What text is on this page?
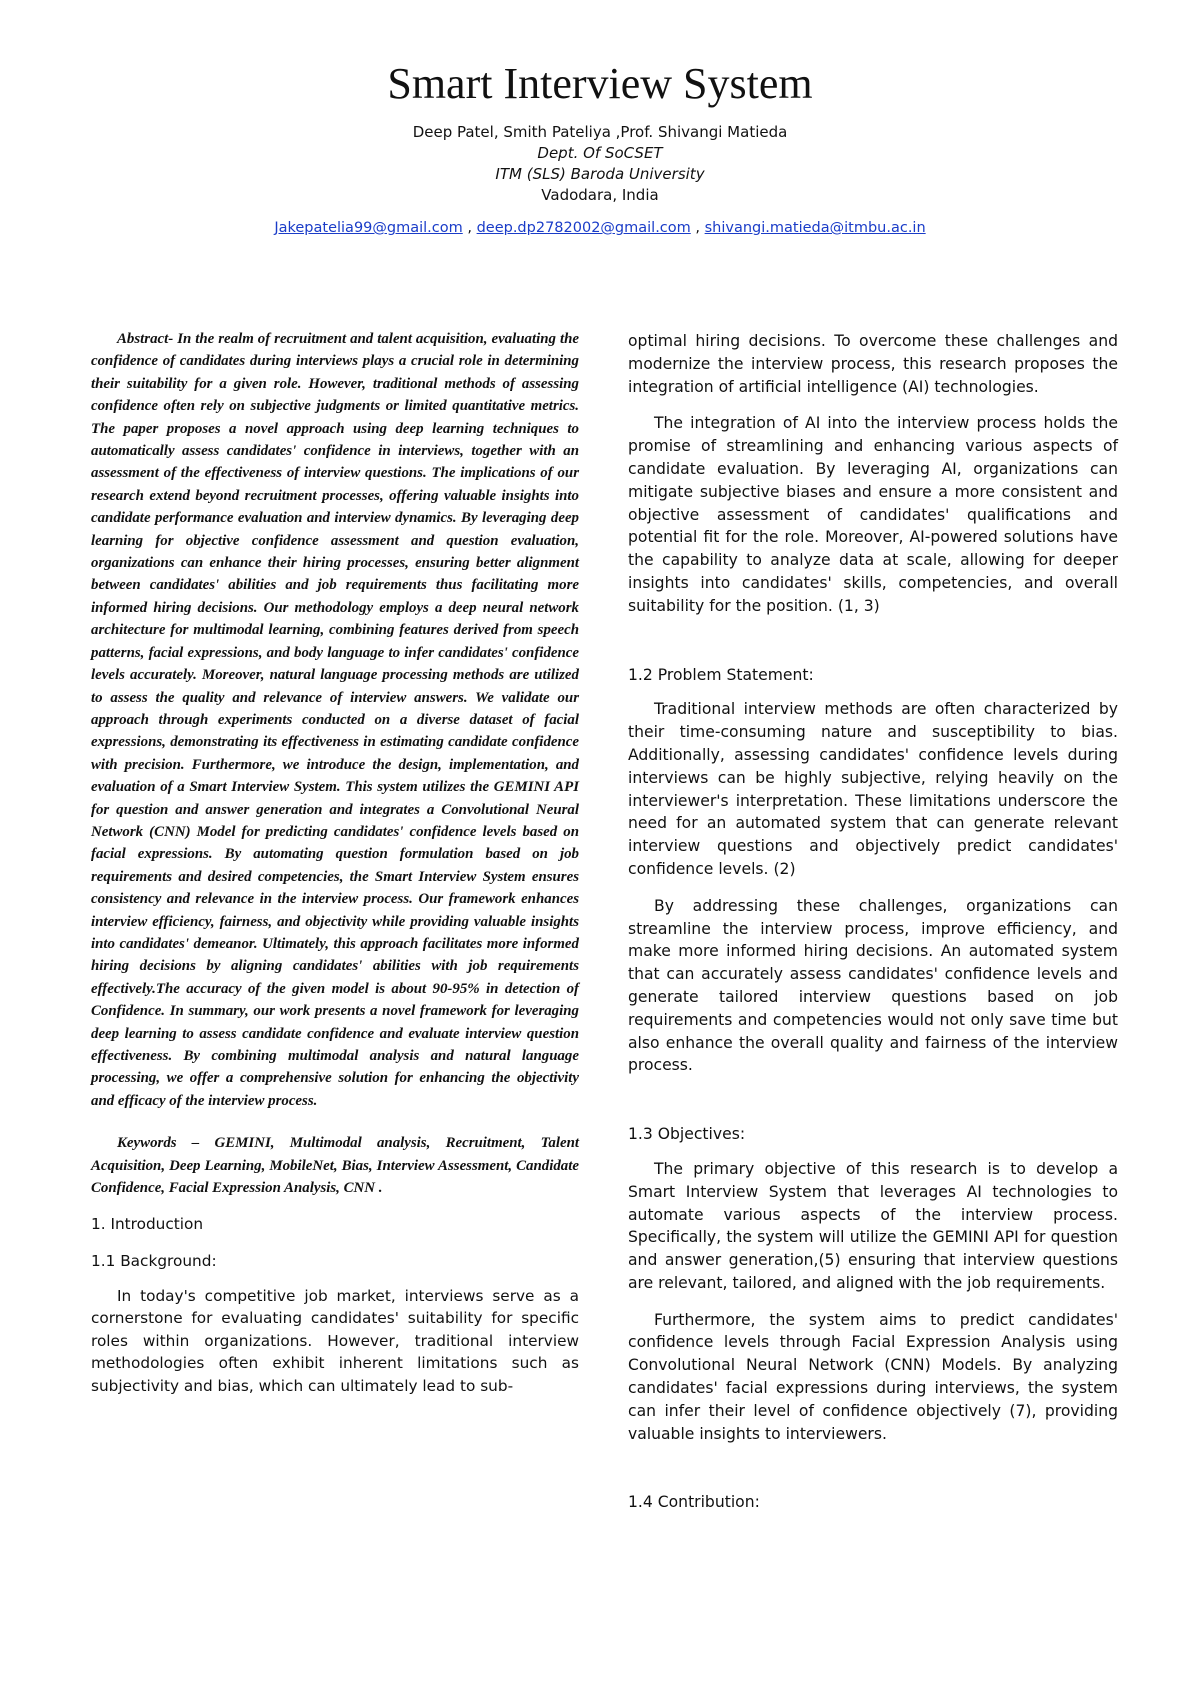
Smart Interview System
Deep Patel, Smith Pateliya ,Prof. Shivangi Matieda
Dept. Of SoCSET
ITM (SLS) Baroda University
Vadodara, India
Jakepatelia99@gmail.com , deep.dp2782002@gmail.com , shivangi.matieda@itmbu.ac.in

Abstract- In the realm of recruitment and talent acquisition, evaluating the confidence of candidates during interviews plays a crucial role in determining their suitability for a given role. However, traditional methods of assessing confidence often rely on subjective judgments or limited quantitative metrics. The paper proposes a novel approach using deep learning techniques to automatically assess candidates' confidence in interviews, together with an assessment of the effectiveness of interview questions. The implications of our research extend beyond recruitment processes, offering valuable insights into candidate performance evaluation and interview dynamics. By leveraging deep learning for objective confidence assessment and question evaluation, organizations can enhance their hiring processes, ensuring better alignment between candidates' abilities and job requirements thus facilitating more informed hiring decisions. Our methodology employs a deep neural network architecture for multimodal learning, combining features derived from speech patterns, facial expressions, and body language to infer candidates' confidence levels accurately. Moreover, natural language processing methods are utilized to assess the quality and relevance of interview answers. We validate our approach through experiments conducted on a diverse dataset of facial expressions, demonstrating its effectiveness in estimating candidate confidence with precision. Furthermore, we introduce the design, implementation, and evaluation of a Smart Interview System. This system utilizes the GEMINI API for question and answer generation and integrates a Convolutional Neural Network (CNN) Model for predicting candidates' confidence levels based on facial expressions. By automating question formulation based on job requirements and desired competencies, the Smart Interview System ensures consistency and relevance in the interview process. Our framework enhances interview efficiency, fairness, and objectivity while providing valuable insights into candidates' demeanor. Ultimately, this approach facilitates more informed hiring decisions by aligning candidates' abilities with job requirements effectively.The accuracy of the given model is about 90-95% in detection of Confidence. In summary, our work presents a novel framework for leveraging deep learning to assess candidate confidence and evaluate interview question effectiveness. By combining multimodal analysis and natural language processing, we offer a comprehensive solution for enhancing the objectivity and efficacy of the interview process.

Keywords – GEMINI, Multimodal analysis, Recruitment, Talent Acquisition, Deep Learning, MobileNet, Bias, Interview Assessment, Candidate Confidence, Facial Expression Analysis, CNN .

1. Introduction

1.1 Background:

In today's competitive job market, interviews serve as a cornerstone for evaluating candidates' suitability for specific roles within organizations. However, traditional interview methodologies often exhibit inherent limitations such as subjectivity and bias, which can ultimately lead to sub-

optimal hiring decisions. To overcome these challenges and modernize the interview process, this research proposes the integration of artificial intelligence (AI) technologies.

The integration of AI into the interview process holds the promise of streamlining and enhancing various aspects of candidate evaluation. By leveraging AI, organizations can mitigate subjective biases and ensure a more consistent and objective assessment of candidates' qualifications and potential fit for the role. Moreover, AI-powered solutions have the capability to analyze data at scale, allowing for deeper insights into candidates' skills, competencies, and overall suitability for the position. (1, 3)

1.2 Problem Statement:

Traditional interview methods are often characterized by their time-consuming nature and susceptibility to bias. Additionally, assessing candidates' confidence levels during interviews can be highly subjective, relying heavily on the interviewer's interpretation. These limitations underscore the need for an automated system that can generate relevant interview questions and objectively predict candidates' confidence levels. (2)

By addressing these challenges, organizations can streamline the interview process, improve efficiency, and make more informed hiring decisions. An automated system that can accurately assess candidates' confidence levels and generate tailored interview questions based on job requirements and competencies would not only save time but also enhance the overall quality and fairness of the interview process.

1.3 Objectives:

The primary objective of this research is to develop a Smart Interview System that leverages AI technologies to automate various aspects of the interview process. Specifically, the system will utilize the GEMINI API for question and answer generation,(5) ensuring that interview questions are relevant, tailored, and aligned with the job requirements.

Furthermore, the system aims to predict candidates' confidence levels through Facial Expression Analysis using Convolutional Neural Network (CNN) Models. By analyzing candidates' facial expressions during interviews, the system can infer their level of confidence objectively (7), providing valuable insights to interviewers.

1.4 Contribution:
